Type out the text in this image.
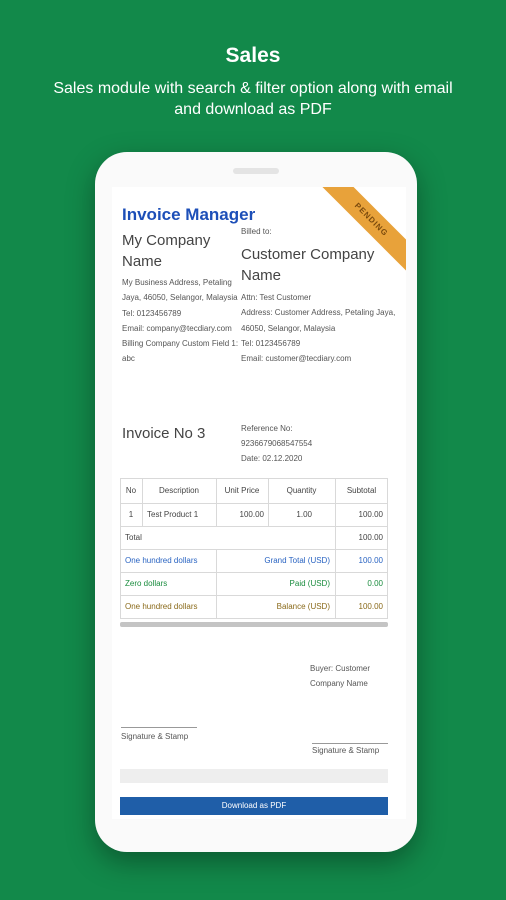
Sales
Sales module with search & filter option along with email and download as PDF
PENDING
Invoice Manager
My Company Name
My Business Address, Petaling Jaya, 46050, Selangor, Malaysia
Tel: 0123456789
Email: company@tecdiary.com
Billing Company Custom Field 1: abc
Billed to:
Customer Company Name
Attn: Test Customer
Address: Customer Address, Petaling Jaya, 46050, Selangor, Malaysia
Tel: 0123456789
Email: customer@tecdiary.com
Invoice No 3	Reference No:
9236679068547554
Date: 02.12.2020
No	Description	Unit Price	Quantity	Subtotal
1	Test Product 1	100.00	1.00	100.00
Total	100.00
One hundred dollars	Grand Total (USD)	100.00
Zero dollars	Paid (USD)	0.00
One hundred dollars	Balance (USD)	100.00
Buyer: Customer Company Name
Signature & Stamp
Signature & Stamp
Download as PDF
